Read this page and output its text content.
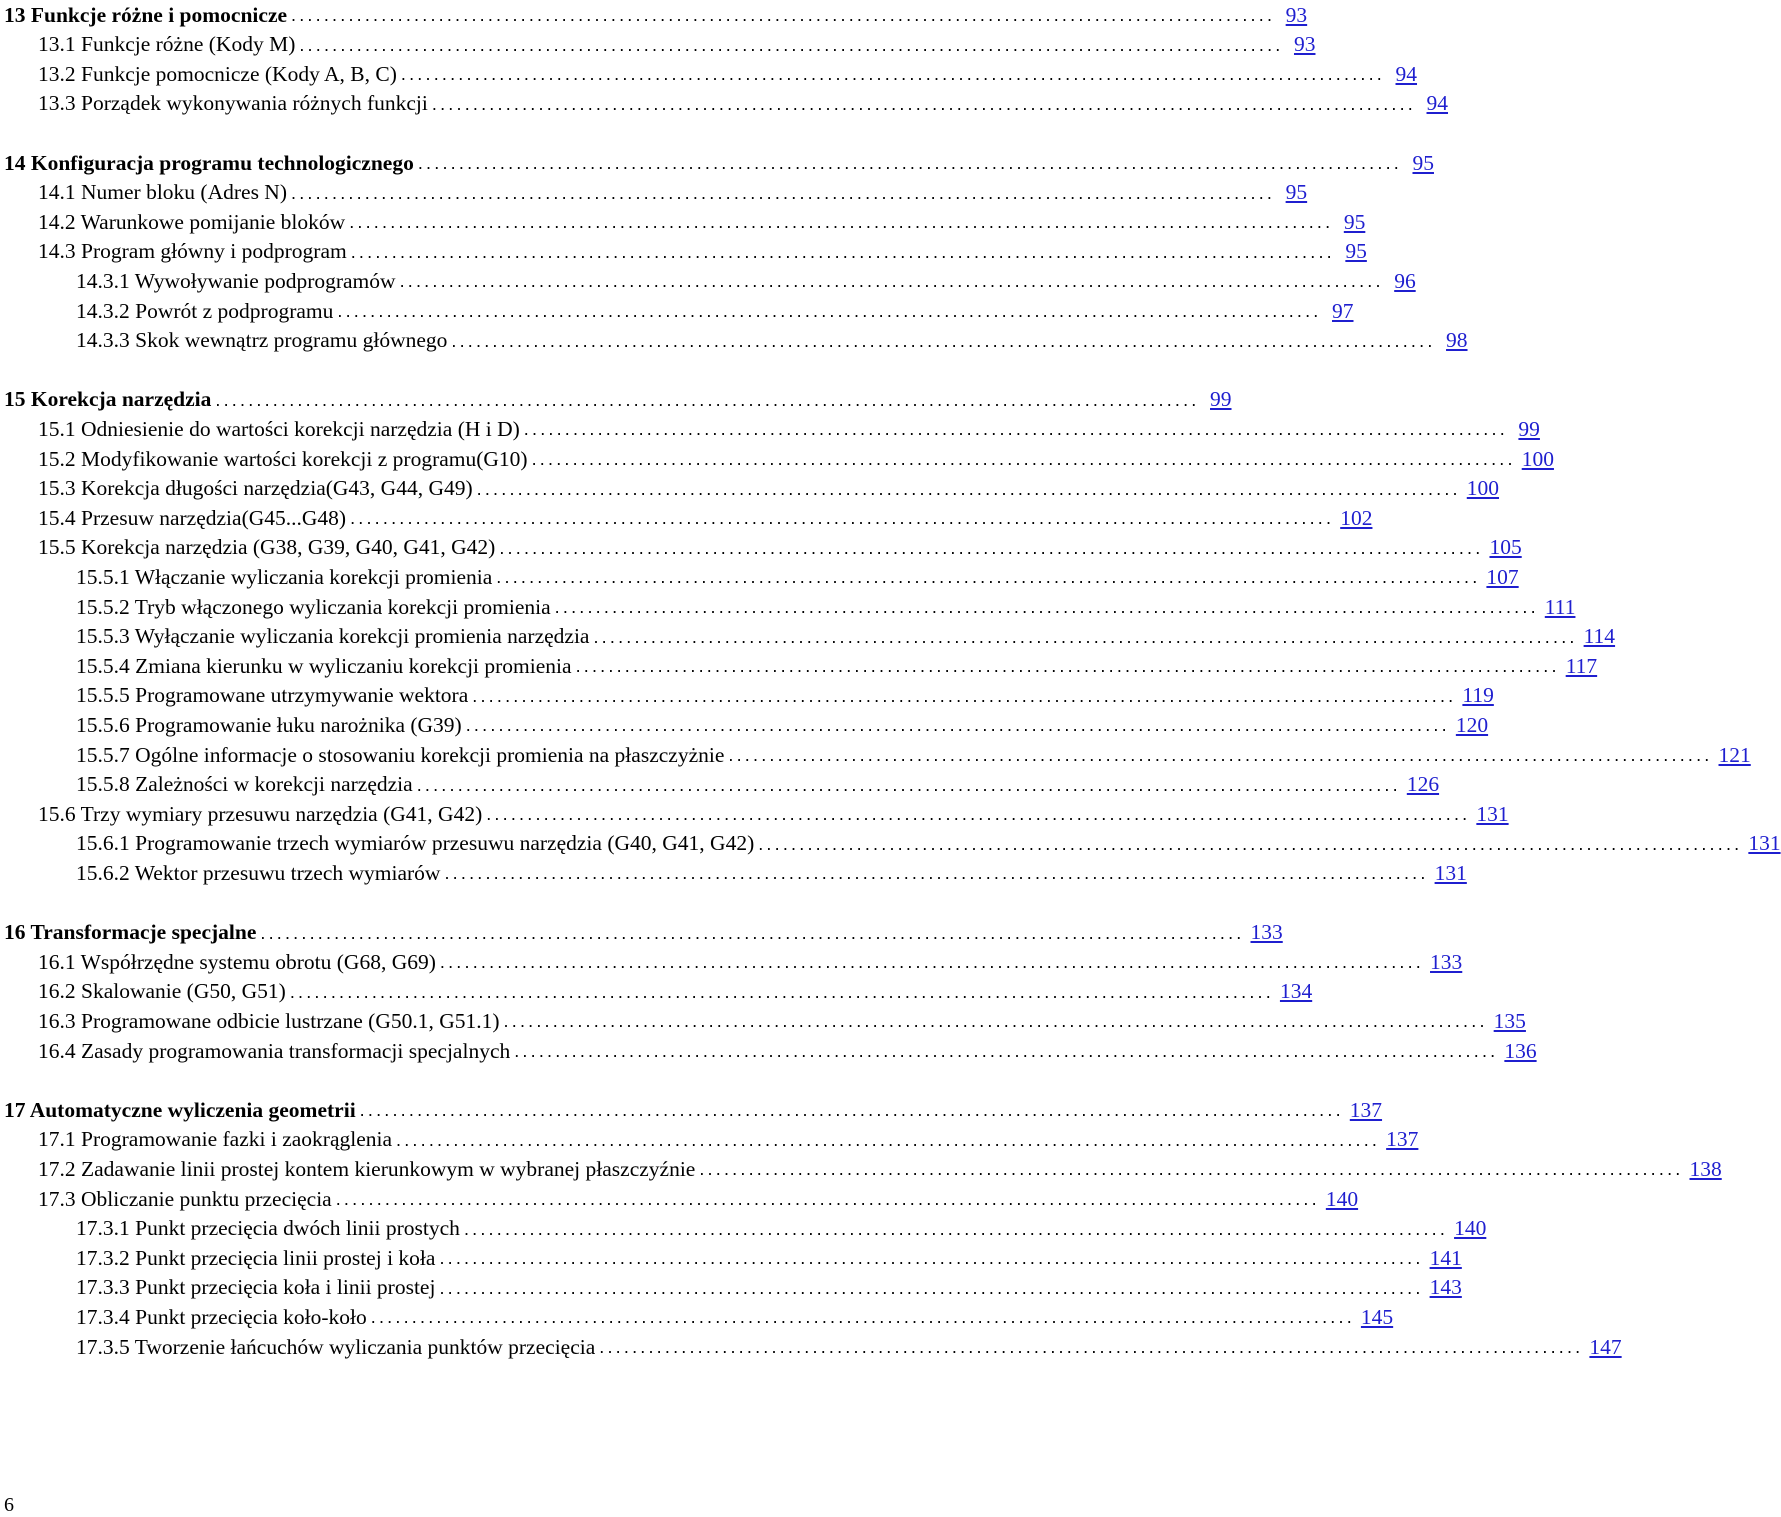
13 Funkcje różne i pomocnicze ........................................................................................................................ 93
13.1 Funkcje różne (Kody M) ........................................................................................................................ 93
13.2 Funkcje pomocnicze (Kody A, B, C) ........................................................................................................................ 94
13.3 Porządek wykonywania różnych funkcji ........................................................................................................................ 94
14 Konfiguracja programu technologicznego ........................................................................................................................ 95
14.1 Numer bloku (Adres N) ........................................................................................................................ 95
14.2 Warunkowe pomijanie bloków ........................................................................................................................ 95
14.3 Program główny i podprogram ........................................................................................................................ 95
14.3.1 Wywoływanie podprogramów ........................................................................................................................ 96
14.3.2 Powrót z podprogramu ........................................................................................................................ 97
14.3.3 Skok wewnątrz programu głównego ........................................................................................................................ 98
15 Korekcja narzędzia ........................................................................................................................ 99
15.1 Odniesienie do wartości korekcji narzędzia (H i D) ........................................................................................................................ 99
15.2 Modyfikowanie wartości korekcji z programu(G10) ........................................................................................................................ 100
15.3 Korekcja długości narzędzia(G43, G44, G49) ........................................................................................................................ 100
15.4 Przesuw narzędzia(G45...G48) ........................................................................................................................ 102
15.5 Korekcja narzędzia (G38, G39, G40, G41, G42) ........................................................................................................................ 105
15.5.1 Włączanie wyliczania korekcji promienia ........................................................................................................................ 107
15.5.2 Tryb włączonego wyliczania korekcji promienia ........................................................................................................................ 111
15.5.3 Wyłączanie wyliczania korekcji promienia narzędzia ........................................................................................................................ 114
15.5.4 Zmiana kierunku w wyliczaniu korekcji promienia ........................................................................................................................ 117
15.5.5 Programowane utrzymywanie wektora ........................................................................................................................ 119
15.5.6 Programowanie łuku narożnika (G39) ........................................................................................................................ 120
15.5.7 Ogólne informacje o stosowaniu korekcji promienia na płaszczyżnie ........................................................................................................................ 121
15.5.8 Zależności w korekcji narzędzia ........................................................................................................................ 126
15.6 Trzy wymiary przesuwu narzędzia (G41, G42) ........................................................................................................................ 131
15.6.1 Programowanie trzech wymiarów przesuwu narzędzia (G40, G41, G42) ........................................................................................................................ 131
15.6.2 Wektor przesuwu trzech wymiarów ........................................................................................................................ 131
16 Transformacje specjalne ........................................................................................................................ 133
16.1 Współrzędne systemu obrotu (G68, G69) ........................................................................................................................ 133
16.2 Skalowanie (G50, G51) ........................................................................................................................ 134
16.3 Programowane odbicie lustrzane (G50.1, G51.1) ........................................................................................................................ 135
16.4 Zasady programowania transformacji specjalnych ........................................................................................................................ 136
17 Automatyczne wyliczenia geometrii ........................................................................................................................ 137
17.1 Programowanie fazki i zaokrąglenia ........................................................................................................................ 137
17.2 Zadawanie linii prostej kontem kierunkowym w wybranej płaszczyźnie ........................................................................................................................ 138
17.3 Obliczanie punktu przecięcia ........................................................................................................................ 140
17.3.1 Punkt przecięcia dwóch linii prostych ........................................................................................................................ 140
17.3.2 Punkt przecięcia linii prostej i koła ........................................................................................................................ 141
17.3.3 Punkt przecięcia koła i linii prostej ........................................................................................................................ 143
17.3.4 Punkt przecięcia koło-koło ........................................................................................................................ 145
17.3.5 Tworzenie łańcuchów wyliczania punktów przecięcia ........................................................................................................................ 147
6
